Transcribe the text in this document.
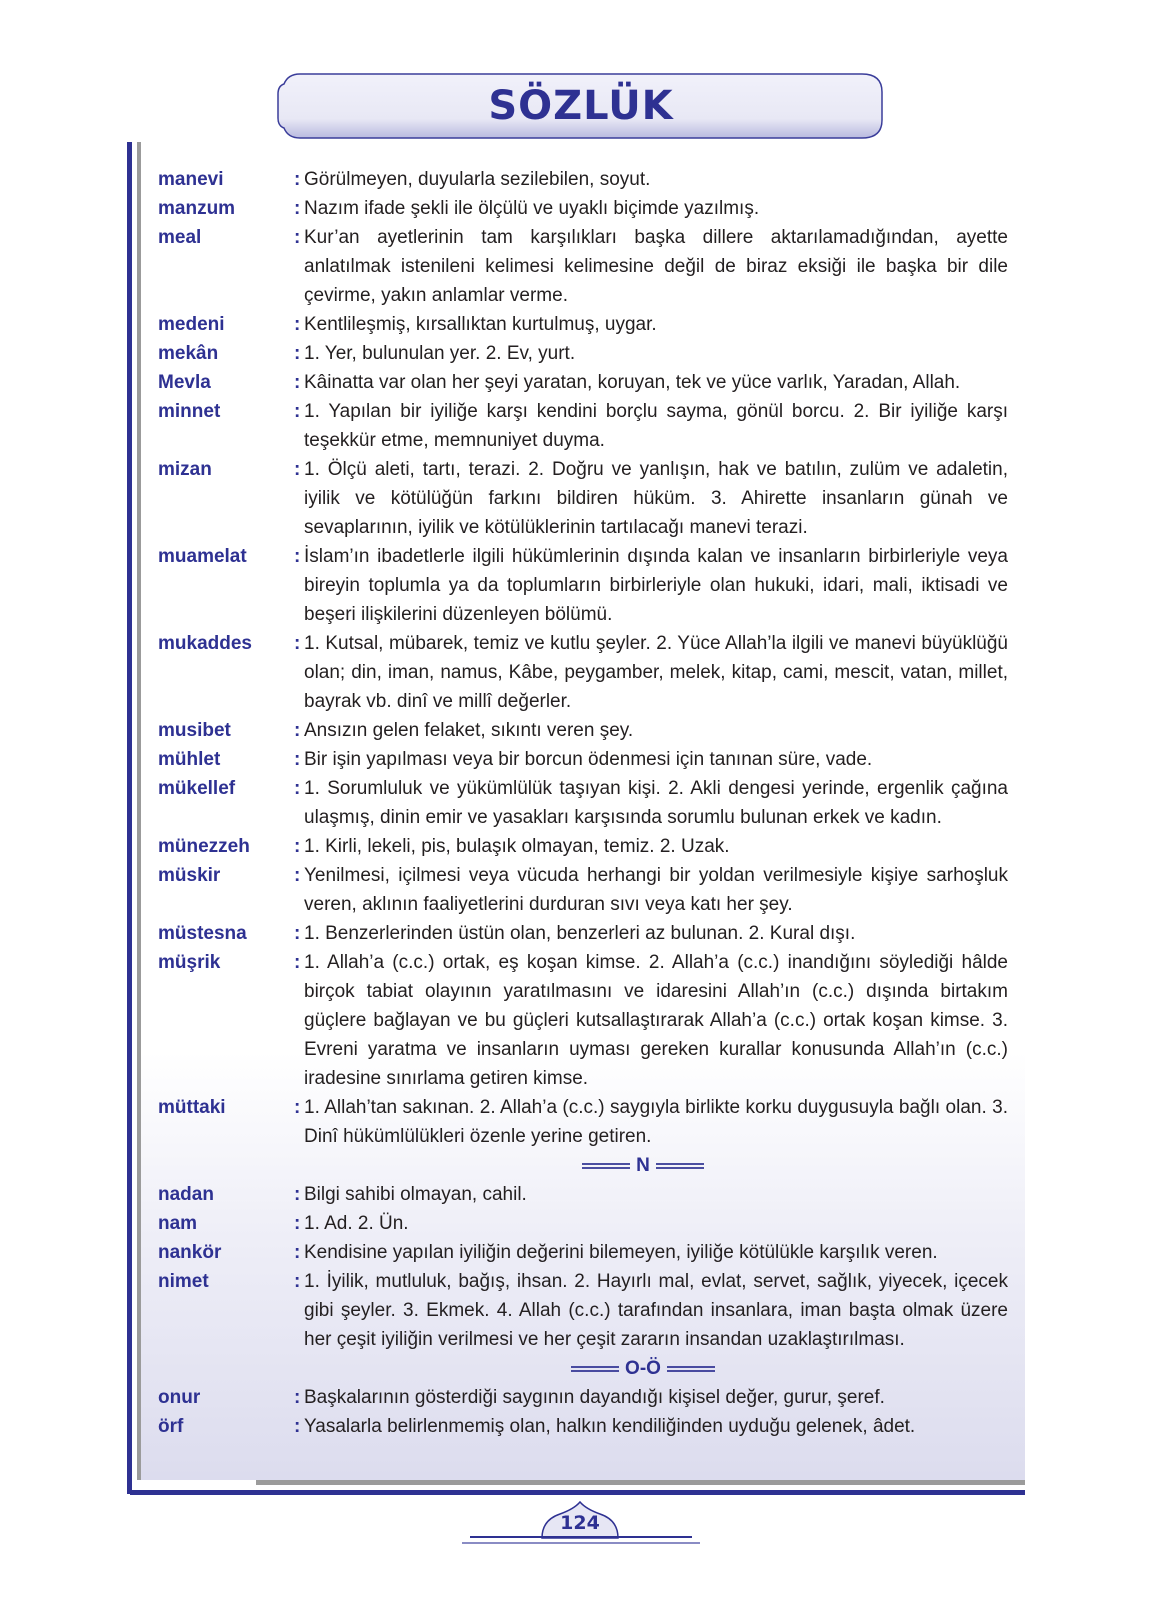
SÖZLÜK
manevi	: Görülmeyen, duyularla sezilebilen, soyut.
manzum	: Nazım ifade şekli ile ölçülü ve uyaklı biçimde yazılmış.
meal	: Kur’an ayetlerinin tam karşılıkları başka dillere aktarılamadığından, ayette anlatılmak istenileni kelimesi kelimesine değil de biraz eksiği ile başka bir dile çevirme, yakın anlamlar verme.
medeni	: Kentlileşmiş, kırsallıktan kurtulmuş, uygar.
mekân	: 1. Yer, bulunulan yer. 2. Ev, yurt.
Mevla	: Kâinatta var olan her şeyi yaratan, koruyan, tek ve yüce varlık, Yaradan, Allah.
minnet	: 1. Yapılan bir iyiliğe karşı kendini borçlu sayma, gönül borcu. 2. Bir iyiliğe karşı teşekkür etme, memnuniyet duyma.
mizan	: 1. Ölçü aleti, tartı, terazi. 2. Doğru ve yanlışın, hak ve batılın, zulüm ve adaletin, iyilik ve kötülüğün farkını bildiren hüküm. 3. Ahirette insanların günah ve sevaplarının, iyilik ve kötülüklerinin tartılacağı manevi terazi.
muamelat	: İslam’ın ibadetlerle ilgili hükümlerinin dışında kalan ve insanların birbirleriyle veya bireyin toplumla ya da toplumların birbirleriyle olan hukuki, idari, mali, iktisadi ve beşeri ilişkilerini düzenleyen bölümü.
mukaddes	: 1. Kutsal, mübarek, temiz ve kutlu şeyler. 2. Yüce Allah’la ilgili ve manevi büyüklüğü olan; din, iman, namus, Kâbe, peygamber, melek, kitap, cami, mescit, vatan, millet, bayrak vb. dinî ve millî değerler.
musibet	: Ansızın gelen felaket, sıkıntı veren şey.
mühlet	: Bir işin yapılması veya bir borcun ödenmesi için tanınan süre, vade.
mükellef	: 1. Sorumluluk ve yükümlülük taşıyan kişi. 2. Akli dengesi yerinde, ergenlik çağına ulaşmış, dinin emir ve yasakları karşısında sorumlu bulunan erkek ve kadın.
münezzeh	: 1. Kirli, lekeli, pis, bulaşık olmayan, temiz. 2. Uzak.
müskir	: Yenilmesi, içilmesi veya vücuda herhangi bir yoldan verilmesiyle kişiye sarhoşluk veren, aklının faaliyetlerini durduran sıvı veya katı her şey.
müstesna	: 1. Benzerlerinden üstün olan, benzerleri az bulunan. 2. Kural dışı.
müşrik	: 1. Allah’a (c.c.) ortak, eş koşan kimse. 2. Allah’a (c.c.) inandığını söylediği hâlde birçok tabiat olayının yaratılmasını ve idaresini Allah’ın (c.c.) dışında birtakım güçlere bağlayan ve bu güçleri kutsallaştırarak Allah’a (c.c.) ortak koşan kimse. 3. Evreni yaratma ve insanların uyması gereken kurallar konusunda Allah’ın (c.c.) iradesine sınırlama getiren kimse.
müttaki	: 1. Allah’tan sakınan. 2. Allah’a (c.c.) saygıyla birlikte korku duygusuyla bağlı olan. 3. Dinî hükümlülükleri özenle yerine getiren.
N
nadan	: Bilgi sahibi olmayan, cahil.
nam	: 1. Ad. 2. Ün.
nankör	: Kendisine yapılan iyiliğin değerini bilemeyen, iyiliğe kötülükle karşılık veren.
nimet	: 1. İyilik, mutluluk, bağış, ihsan. 2. Hayırlı mal, evlat, servet, sağlık, yiyecek, içecek gibi şeyler. 3. Ekmek. 4. Allah (c.c.) tarafından insanlara, iman başta olmak üzere her çeşit iyiliğin verilmesi ve her çeşit zararın insandan uzaklaştırılması.
O-Ö
onur	: Başkalarının gösterdiği saygının dayandığı kişisel değer, gurur, şeref.
örf	: Yasalarla belirlenmemiş olan, halkın kendiliğinden uyduğu gelenek, âdet.
124
